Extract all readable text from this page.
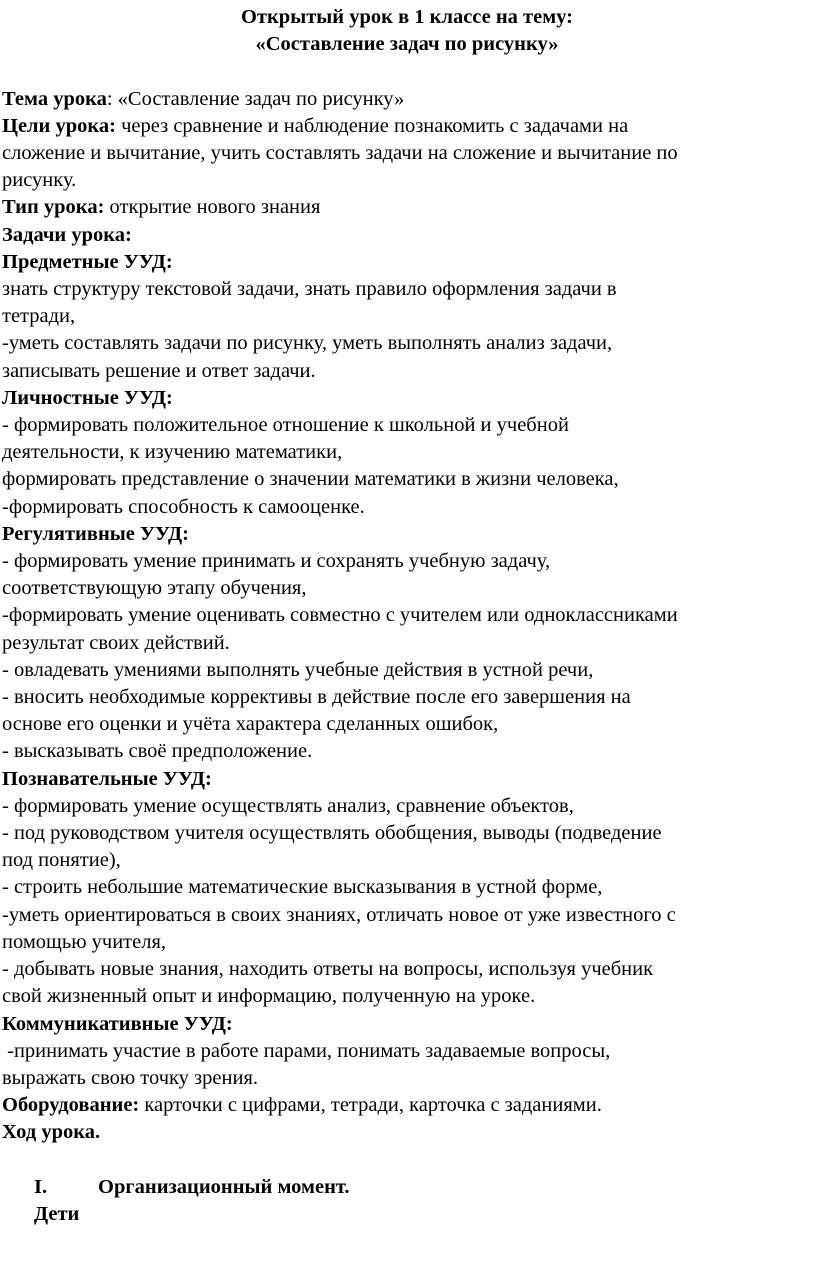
Открытый урок в 1 классе на тему:

«Составление задач по рисунку»

Тема урока: «Составление задач по рисунку»

Цели урока: через сравнение и наблюдение познакомить с задачами на

сложение и вычитание, учить составлять задачи на сложение и вычитание по

рисунку.

Тип урока: открытие нового знания

Задачи урока:

Предметные УУД:

знать структуру текстовой задачи, знать правило оформления задачи в

тетради,

-уметь составлять задачи по рисунку, уметь выполнять анализ задачи,

записывать решение и ответ задачи.

Личностные УУД:

- формировать положительное отношение к школьной и учебной

деятельности, к изучению математики,

формировать представление о значении математики в жизни человека,

-формировать способность к самооценке.

Регулятивные УУД:

- формировать умение принимать и сохранять учебную задачу,

соответствующую этапу обучения,

-формировать умение оценивать совместно с учителем или одноклассниками

результат своих действий.

- овладевать умениями выполнять учебные действия в устной речи,

- вносить необходимые коррективы в действие после его завершения на

основе его оценки и учёта характера сделанных ошибок,

- высказывать своё предположение.

Познавательные УУД:

- формировать умение осуществлять анализ, сравнение объектов,

- под руководством учителя осуществлять обобщения, выводы (подведение

под понятие),

- строить небольшие математические высказывания в устной форме,

-уметь ориентироваться в своих знаниях, отличать новое от уже известного с

помощью учителя,

- добывать новые знания, находить ответы на вопросы, используя учебник

свой жизненный опыт и информацию, полученную на уроке.

Коммуникативные УУД:

-принимать участие в работе парами, понимать задаваемые вопросы,

выражать свою точку зрения.

Оборудование: карточки с цифрами, тетради, карточка с заданиями.

Ход урока.

I.	Организационный момент.

Дети
